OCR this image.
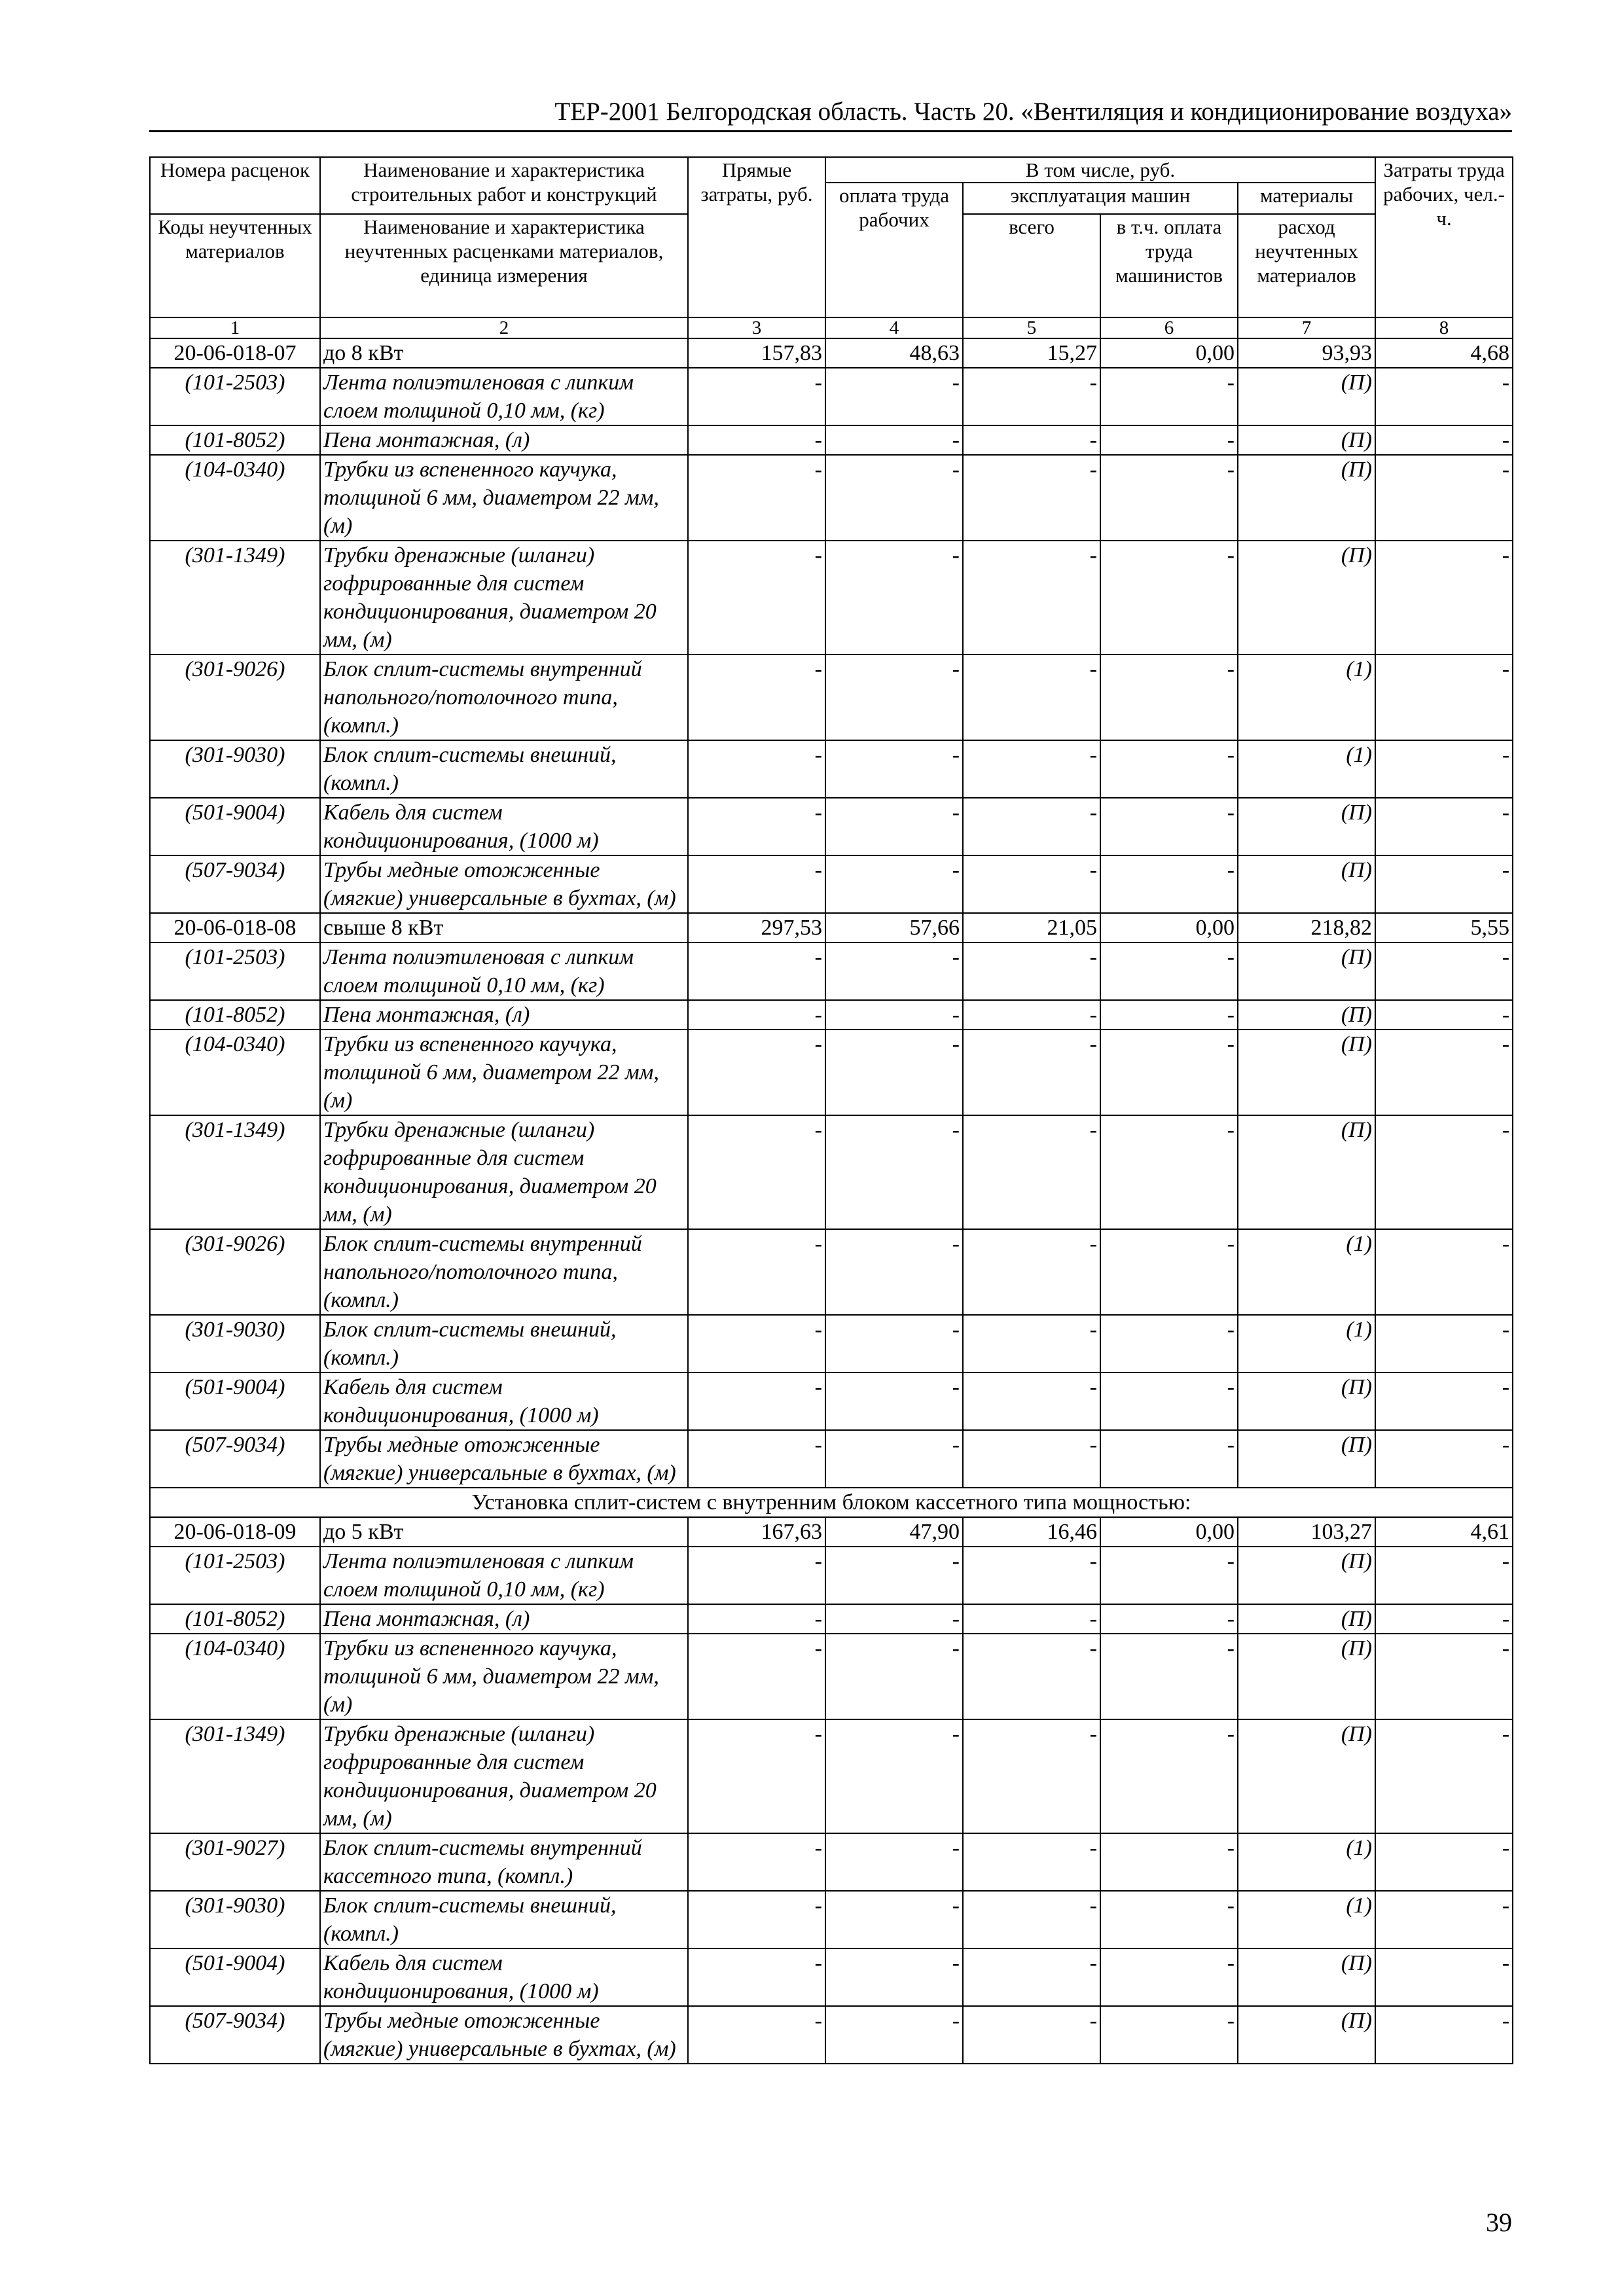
ТЕР-2001 Белгородская область. Часть 20. «Вентиляция и кондиционирование воздуха»
Номера расценок	Наименование и характеристика строительных работ и конструкций	Прямые затраты, руб.	В том числе, руб.				Затраты труда рабочих, чел.-ч.
			оплата труда рабочих	эксплуатация машин		материалы	
Коды неучтенных материалов	Наименование и характеристика неучтенных расценками материалов, единица измерения			всего	в т.ч. оплата труда машинистов	расход неучтенных материалов	
1	2	3	4	5	6	7	8
20-06-018-07	до 8 кВт	157,83	48,63	15,27	0,00	93,93	4,68
(101-2503)	Лента полиэтиленовая с липким слоем толщиной 0,10 мм, (кг)	-	-	-	-	(П)	-
(101-8052)	Пена монтажная, (л)	-	-	-	-	(П)	-
(104-0340)	Трубки из вспененного каучука, толщиной 6 мм, диаметром 22 мм, (м)	-	-	-	-	(П)	-
(301-1349)	Трубки дренажные (шланги) гофрированные для систем кондиционирования, диаметром 20 мм, (м)	-	-	-	-	(П)	-
(301-9026)	Блок сплит-системы внутренний напольного/потолочного типа, (компл.)	-	-	-	-	(1)	-
(301-9030)	Блок сплит-системы внешний, (компл.)	-	-	-	-	(1)	-
(501-9004)	Кабель для систем кондиционирования, (1000 м)	-	-	-	-	(П)	-
(507-9034)	Трубы медные отожженные (мягкие) универсальные в бухтах, (м)	-	-	-	-	(П)	-
20-06-018-08	свыше 8 кВт	297,53	57,66	21,05	0,00	218,82	5,55
(101-2503)	Лента полиэтиленовая с липким слоем толщиной 0,10 мм, (кг)	-	-	-	-	(П)	-
(101-8052)	Пена монтажная, (л)	-	-	-	-	(П)	-
(104-0340)	Трубки из вспененного каучука, толщиной 6 мм, диаметром 22 мм, (м)	-	-	-	-	(П)	-
(301-1349)	Трубки дренажные (шланги) гофрированные для систем кондиционирования, диаметром 20 мм, (м)	-	-	-	-	(П)	-
(301-9026)	Блок сплит-системы внутренний напольного/потолочного типа, (компл.)	-	-	-	-	(1)	-
(301-9030)	Блок сплит-системы внешний, (компл.)	-	-	-	-	(1)	-
(501-9004)	Кабель для систем кондиционирования, (1000 м)	-	-	-	-	(П)	-
(507-9034)	Трубы медные отожженные (мягкие) универсальные в бухтах, (м)	-	-	-	-	(П)	-
Установка сплит-систем с внутренним блоком кассетного типа мощностью:							
20-06-018-09	до 5 кВт	167,63	47,90	16,46	0,00	103,27	4,61
(101-2503)	Лента полиэтиленовая с липким слоем толщиной 0,10 мм, (кг)	-	-	-	-	(П)	-
(101-8052)	Пена монтажная, (л)	-	-	-	-	(П)	-
(104-0340)	Трубки из вспененного каучука, толщиной 6 мм, диаметром 22 мм, (м)	-	-	-	-	(П)	-
(301-1349)	Трубки дренажные (шланги) гофрированные для систем кондиционирования, диаметром 20 мм, (м)	-	-	-	-	(П)	-
(301-9027)	Блок сплит-системы внутренний кассетного типа, (компл.)	-	-	-	-	(1)	-
(301-9030)	Блок сплит-системы внешний, (компл.)	-	-	-	-	(1)	-
(501-9004)	Кабель для систем кондиционирования, (1000 м)	-	-	-	-	(П)	-
(507-9034)	Трубы медные отожженные (мягкие) универсальные в бухтах, (м)	-	-	-	-	(П)	-
39
